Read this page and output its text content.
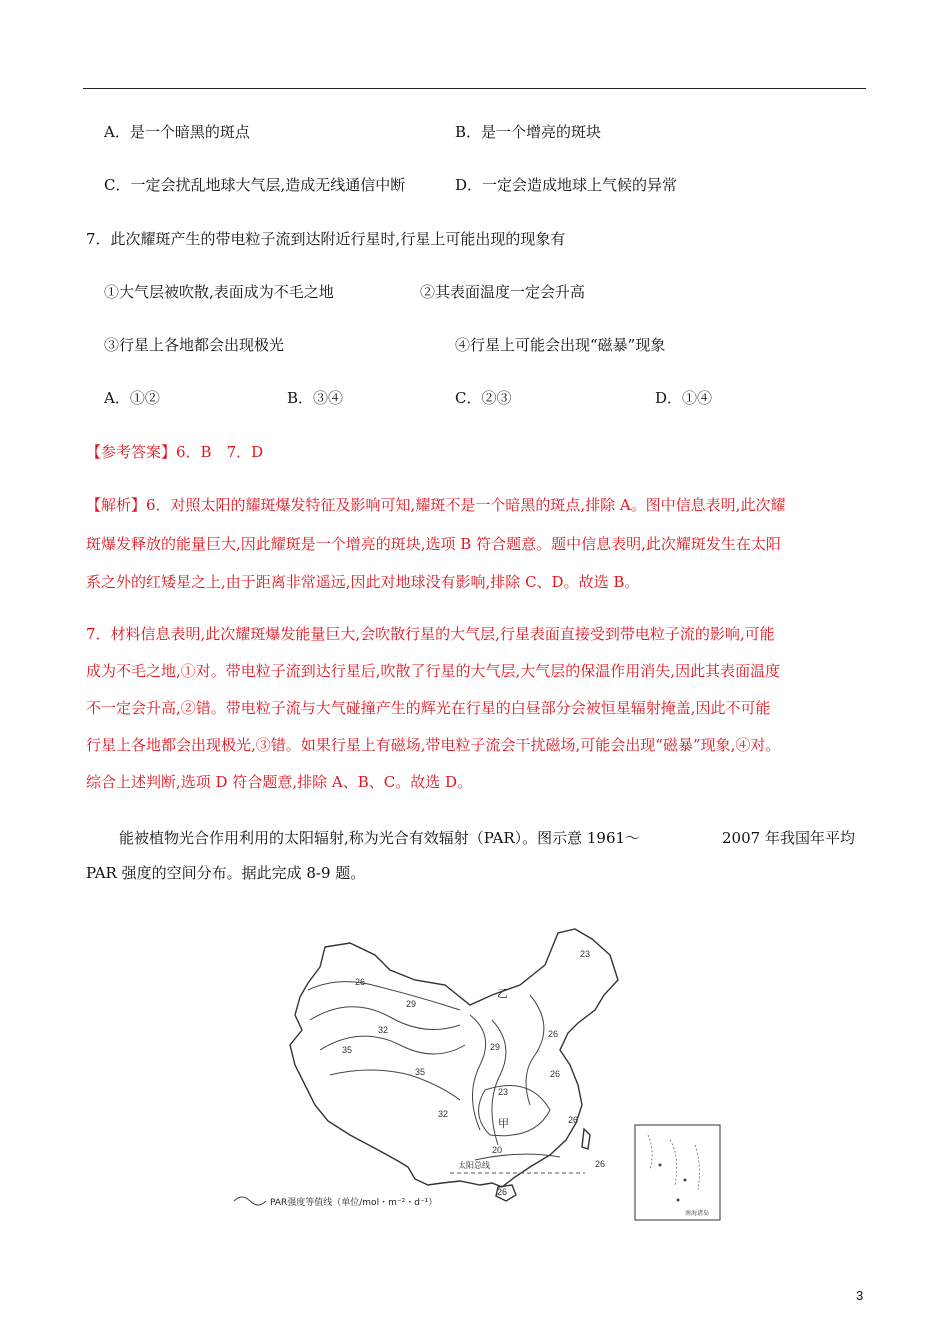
A．是一个暗黑的斑点	B．是一个增亮的斑块
C．一定会扰乱地球大气层,造成无线通信中断	D．一定会造成地球上气候的异常
7．此次耀斑产生的带电粒子流到达附近行星时,行星上可能出现的现象有
①大气层被吹散,表面成为不毛之地	②其表面温度一定会升高
③行星上各地都会出现极光	④行星上可能会出现“磁暴”现象
A．①②	B．③④	C．②③	D．①④
【参考答案】6．B　7．D
【解析】6．对照太阳的耀斑爆发特征及影响可知,耀斑不是一个暗黑的斑点,排除 A。图中信息表明,此次耀
斑爆发释放的能量巨大,因此耀斑是一个增亮的斑块,选项 B 符合题意。题中信息表明,此次耀斑发生在太阳
系之外的红矮星之上,由于距离非常遥远,因此对地球没有影响,排除 C、D。故选 B。
7．材料信息表明,此次耀斑爆发能量巨大,会吹散行星的大气层,行星表面直接受到带电粒子流的影响,可能
成为不毛之地,①对。带电粒子流到达行星后,吹散了行星的大气层,大气层的保温作用消失,因此其表面温度
不一定会升高,②错。带电粒子流与大气碰撞产生的辉光在行星的白昼部分会被恒星辐射掩盖,因此不可能
行星上各地都会出现极光,③错。如果行星上有磁场,带电粒子流会干扰磁场,可能会出现“磁暴”现象,④对。
综合上述判断,选项 D 符合题意,排除 A、B、C。故选 D。
能被植物光合作用利用的太阳辐射,称为光合有效辐射（PAR）。图示意 1961～	2007 年我国年平均
PAR 强度的空间分布。据此完成 8-9 题。
23
26
29
32
35
35
32
29
26
26
23
20
26
26
26
乙
甲
太阳总线
PAR强度等值线（单位/mol・m⁻²・d⁻¹）
南海诸岛
3
